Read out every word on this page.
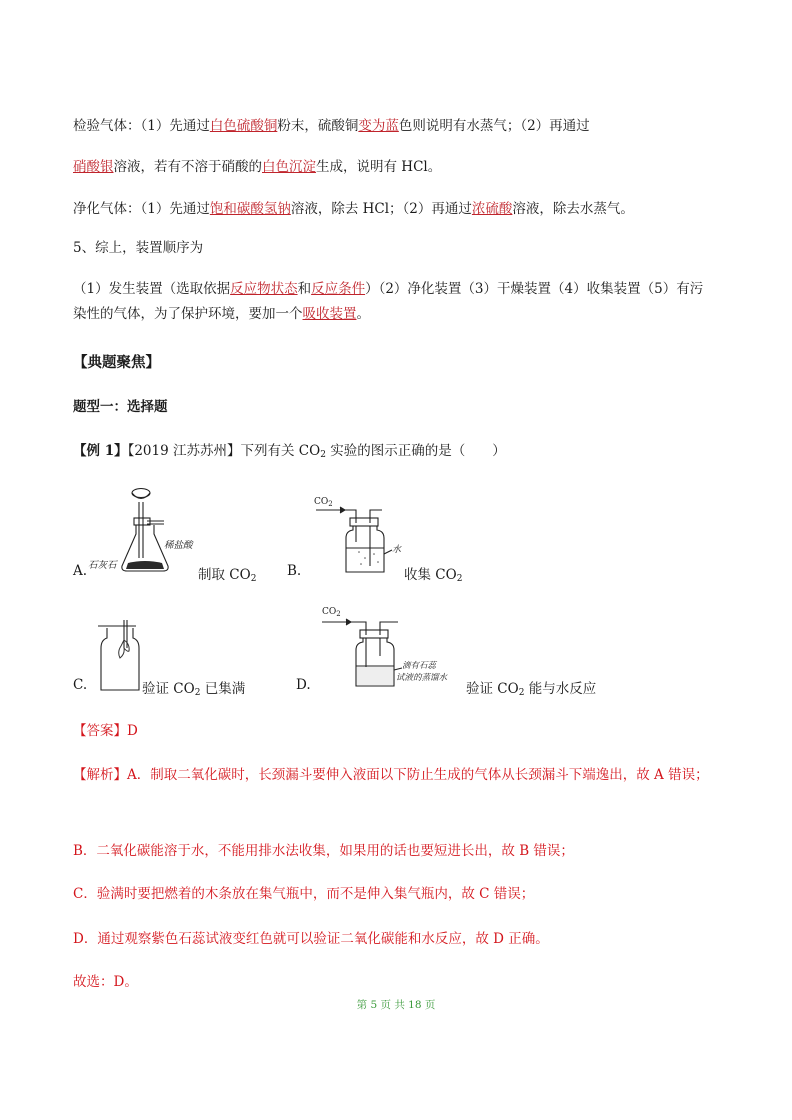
检验气体：（1）先通过白色硫酸铜粉末，硫酸铜变为蓝色则说明有水蒸气；（2）再通过
硝酸银溶液，若有不溶于硝酸的白色沉淀生成，说明有 HCl。
净化气体：（1）先通过饱和碳酸氢钠溶液，除去 HCl；（2）再通过浓硫酸溶液，除去水蒸气。
5、综上，装置顺序为
（1）发生装置（选取依据反应物状态和反应条件）（2）净化装置（3）干燥装置（4）收集装置（5）有污
染性的气体，为了保护环境，要加一个吸收装置。
【典题聚焦】
题型一：选择题
【例 1】【2019 江苏苏州】下列有关 $CO_2$ 实验的图示正确的是（　　）
A. 石灰石
稀盐酸
制取 $CO_2$ B.
$CO_2$
水
收集 $CO_2$
C.	验证 $CO_2$ 已集满	D.
$CO_2$
滴有石蕊
试液的蒸馏水
验证 $CO_2$ 能与水反应
【答案】D
【解析】A．制取二氧化碳时，长颈漏斗要伸入液面以下防止生成的气体从长颈漏斗下端逸出，故 A 错误；
B．二氧化碳能溶于水，不能用排水法收集，如果用的话也要短进长出，故 B 错误；
C．验满时要把燃着的木条放在集气瓶中，而不是伸入集气瓶内，故 C 错误；
D．通过观察紫色石蕊试液变红色就可以验证二氧化碳能和水反应，故 D 正确。
故选：D。
第 5 页 共 18 页
